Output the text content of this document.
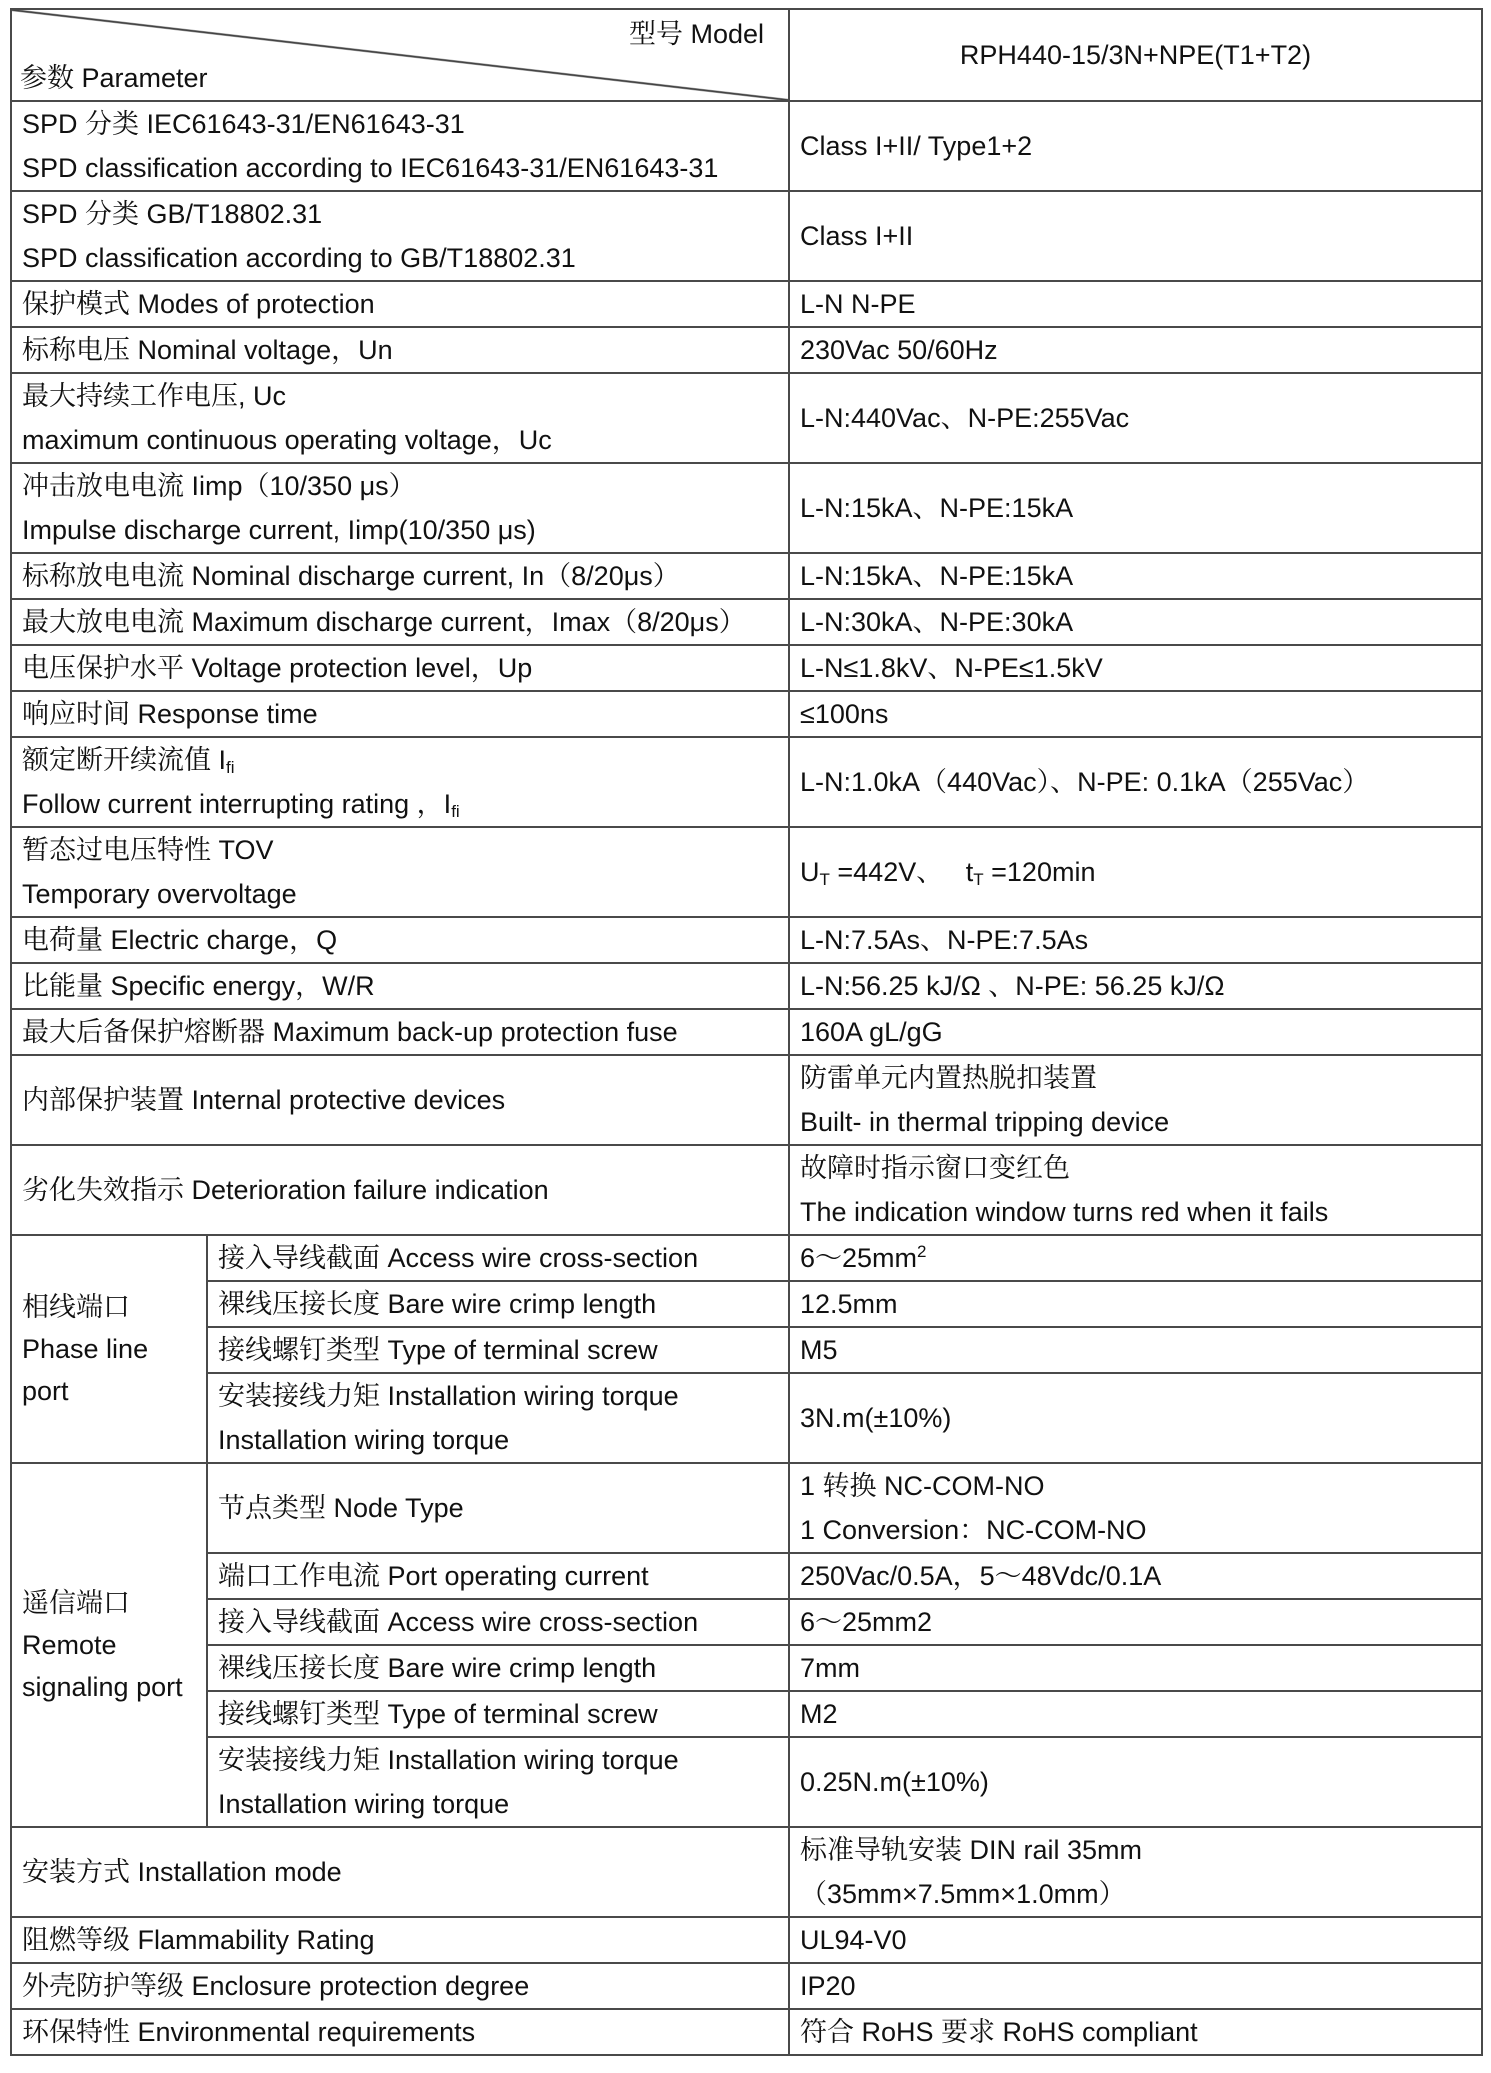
型号 Model
参数 Parameter		RPH440-15/3N+NPE(T1+T2)

SPD 分类 IEC61643-31/EN61643-31
SPD classification according to IEC61643-31/EN61643-31		Class I+II/ Type1+2

SPD 分类 GB/T18802.31
SPD classification according to GB/T18802.31		Class I+II
保护模式 Modes of protection		L-N N-PE
标称电压 Nominal voltage，Un		230Vac 50/60Hz

最大持续工作电压, Uc
maximum continuous operating voltage，Uc		L-N:440Vac、N-PE:255Vac

冲击放电电流 Iimp（10/350 μs）
Impulse discharge current, Iimp(10/350 μs)		L-N:15kA、N-PE:15kA
标称放电电流 Nominal discharge current, In（8/20μs）		L-N:15kA、N-PE:15kA
最大放电电流 Maximum discharge current，Imax（8/20μs）		L-N:30kA、N-PE:30kA
电压保护水平 Voltage protection level，Up		L-N≤1.8kV、N-PE≤1.5kV
响应时间 Response time		≤100ns

额定断开续流值 $I_{fi}$
Follow current interrupting rating ，$I_{fi}$		L-N:1.0kA（440Vac）、N-PE: 0.1kA（255Vac）

暂态过电压特性 TOV
Temporary overvoltage		$U_T =442V$、   $t_T =120\min$
电荷量 Electric charge，Q		L-N:7.5As、N-PE:7.5As
比能量 Specific energy，W/R		L-N:56.25 kJ/Ω 、N-PE: 56.25 kJ/Ω
最大后备保护熔断器 Maximum back-up protection fuse		160A gL/gG
内部保护装置 Internal protective devices		防雷单元内置热脱扣装置
Built- in thermal tripping device

劣化失效指示 Deterioration failure indication		故障时指示窗口变红色
The indication window turns red when it fails

相线端口
Phase line
port	接入导线截面 Access wire cross-section	$6\sim 25mm^2$
	裸线压接长度 Bare wire crimp length	12.5mm
	接线螺钉类型 Type of terminal screw	M5

	安装接线力矩 Installation wiring torque
Installation wiring torque	3N.m(±10%)

遥信端口
Remote
signaling port	节点类型 Node Type	1 转换 NC-COM-NO
1 Conversion：NC-COM-NO

	端口工作电流 Port operating current	250Vac/0.5A，5～48Vdc/0.1A
	接入导线截面 Access wire cross-section	6～25mm2
	裸线压接长度 Bare wire crimp length	7mm
	接线螺钉类型 Type of terminal screw	M2

	安装接线力矩 Installation wiring torque
Installation wiring torque	0.25N.m(±10%)
安装方式 Installation mode		标准导轨安装 DIN rail 35mm
（35mm×7.5mm×1.0mm）

阻燃等级 Flammability Rating		UL94-V0
外壳防护等级 Enclosure protection degree		IP20
环保特性 Environmental requirements		符合 RoHS 要求 RoHS compliant
